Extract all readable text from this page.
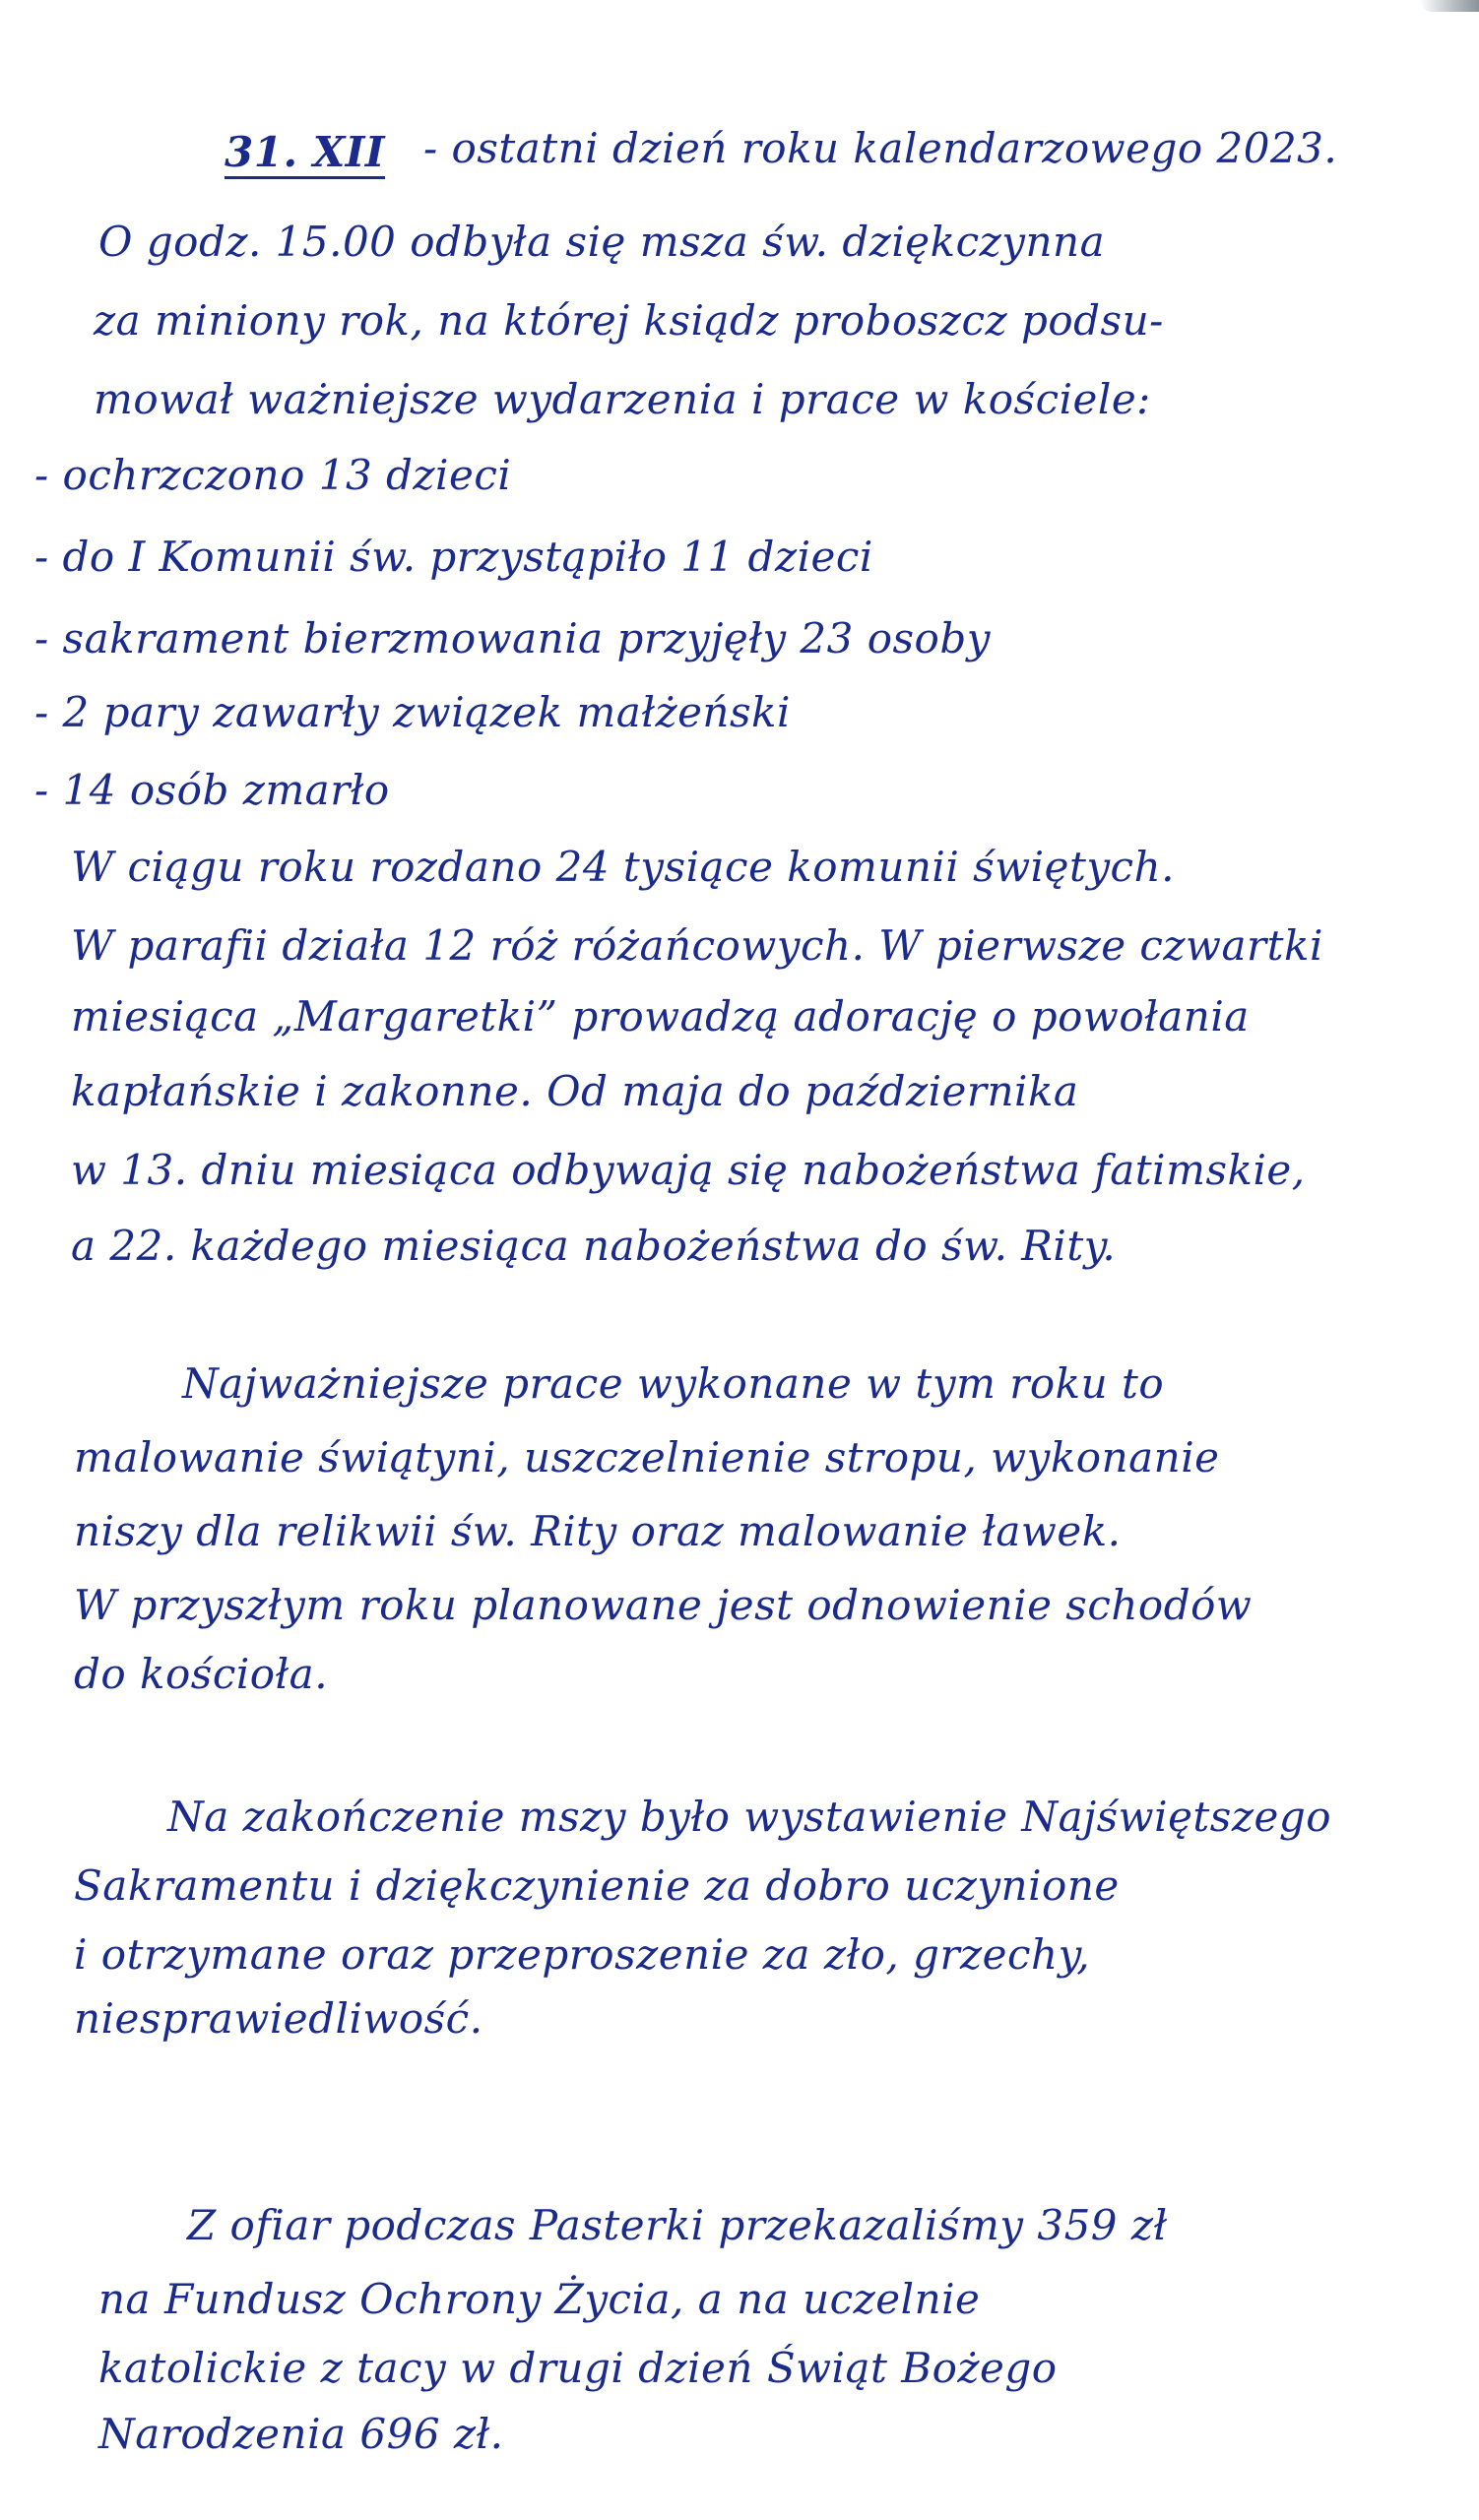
31. XII - ostatni dzień roku kalendarzowego 2023.
O godz. 15.00 odbyła się msza św. dziękczynna
za miniony rok, na której ksiądz proboszcz podsu-
mował ważniejsze wydarzenia i prace w kościele:
- ochrzczono 13 dzieci
- do I Komunii św. przystąpiło 11 dzieci
- sakrament bierzmowania przyjęły 23 osoby
- 2 pary zawarły związek małżeński
- 14 osób zmarło
W ciągu roku rozdano 24 tysiące komunii świętych.
W parafii działa 12 róż różańcowych. W pierwsze czwartki
miesiąca „Margaretki” prowadzą adorację o powołania
kapłańskie i zakonne. Od maja do października
w 13. dniu miesiąca odbywają się nabożeństwa fatimskie,
a 22. każdego miesiąca nabożeństwa do św. Rity.
Najważniejsze prace wykonane w tym roku to
malowanie świątyni, uszczelnienie stropu, wykonanie
niszy dla relikwii św. Rity oraz malowanie ławek.
W przyszłym roku planowane jest odnowienie schodów
do kościoła.
Na zakończenie mszy było wystawienie Najświętszego
Sakramentu i dziękczynienie za dobro uczynione
i otrzymane oraz przeproszenie za zło, grzechy,
niesprawiedliwość.
Z ofiar podczas Pasterki przekazaliśmy 359 zł
na Fundusz Ochrony Życia, a na uczelnie
katolickie z tacy w drugi dzień Świąt Bożego
Narodzenia 696 zł.
